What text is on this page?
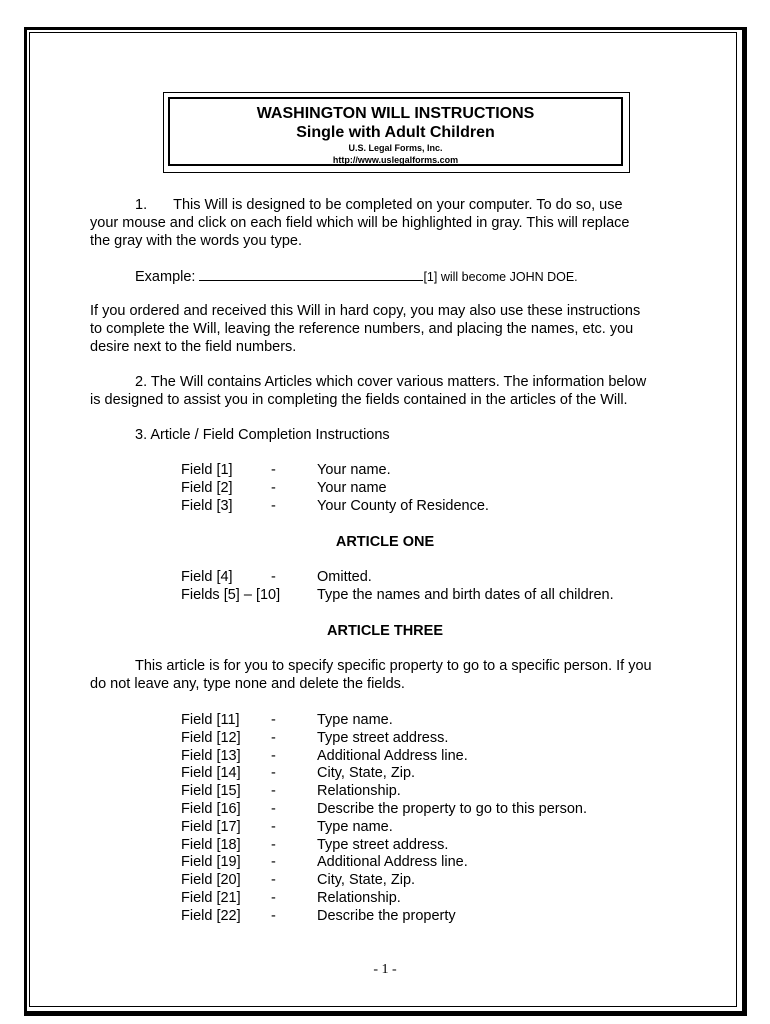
WASHINGTON WILL INSTRUCTIONS
Single with Adult Children
U.S. Legal Forms, Inc.
http://www.uslegalforms.com
1. This Will is designed to be completed on your computer. To do so, use
your mouse and click on each field which will be highlighted in gray. This will replace
the gray with the words you type.
Example:	[1] will become JOHN DOE.
If you ordered and received this Will in hard copy, you may also use these instructions
to complete the Will, leaving the reference numbers, and placing the names, etc. you
desire next to the field numbers.
2. The Will contains Articles which cover various matters. The information below
is designed to assist you in completing the fields contained in the articles of the Will.
3. Article / Field Completion Instructions
Field [1]	-	Your name.
Field [2]	-	Your name
Field [3]	-	Your County of Residence.
ARTICLE ONE
Field [4]	-	Omitted.
Fields [5] – [10]	Type the names and birth dates of all children.
ARTICLE THREE
This article is for you to specify specific property to go to a specific person. If you
do not leave any, type none and delete the fields.
Field [11] -	Type name.
Field [12] -	Type street address.
Field [13] -	Additional Address line.
Field [14] -	City, State, Zip.
Field [15] -	Relationship.
Field [16] -	Describe the property to go to this person.
Field [17] -	Type name.
Field [18] -	Type street address.
Field [19] -	Additional Address line.
Field [20] -	City, State, Zip.
Field [21] -	Relationship.
Field [22] -	Describe the property
- 1 -
